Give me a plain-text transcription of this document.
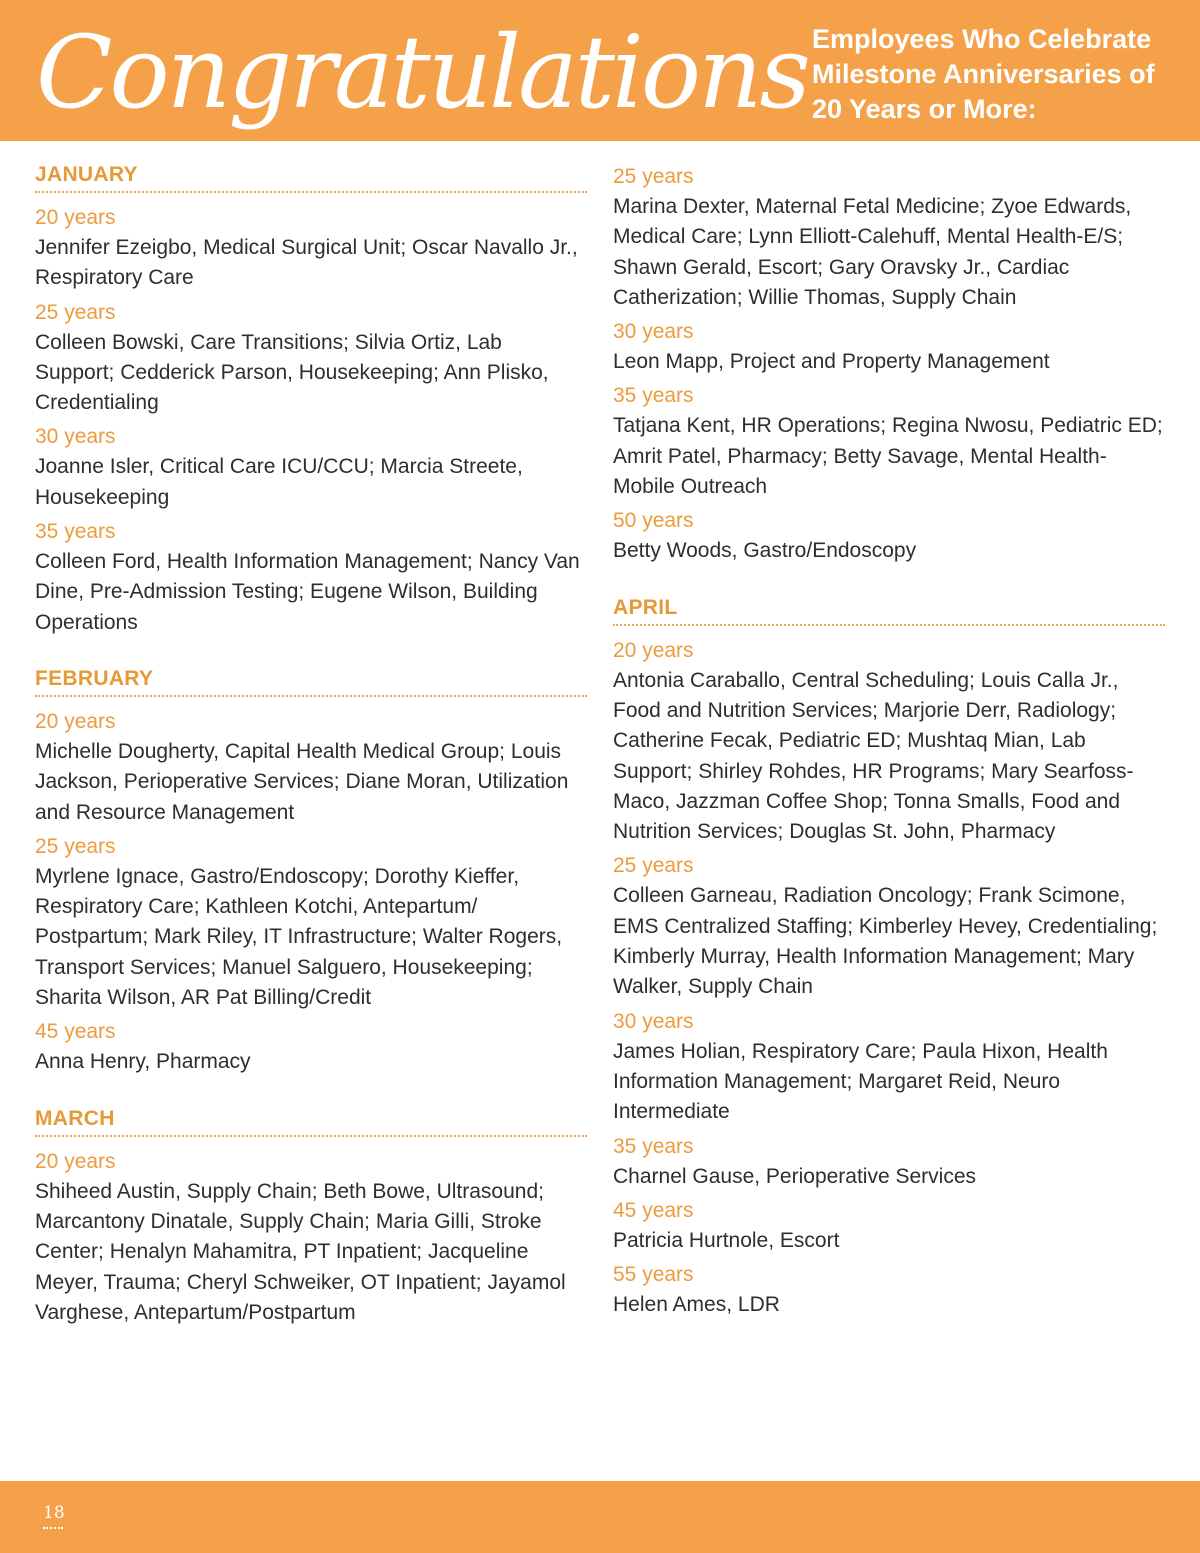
Congratulations Employees Who Celebrate
Milestone Anniversaries of
20 Years or More:
JANUARY
20 years
Jennifer Ezeigbo, Medical Surgical Unit; Oscar Navallo Jr., Respiratory Care
25 years
Colleen Bowski, Care Transitions; Silvia Ortiz, Lab Support; Cedderick Parson, Housekeeping; Ann Plisko, Credentialing
30 years
Joanne Isler, Critical Care ICU/CCU; Marcia Streete, Housekeeping
35 years
Colleen Ford, Health Information Management; Nancy Van Dine, Pre-Admission Testing; Eugene Wilson, Building Operations
FEBRUARY
20 years
Michelle Dougherty, Capital Health Medical Group; Louis Jackson, Perioperative Services; Diane Moran, Utilization and Resource Management
25 years
Myrlene Ignace, Gastro/Endoscopy; Dorothy Kieffer, Respiratory Care; Kathleen Kotchi, Antepartum/ Postpartum; Mark Riley, IT Infrastructure; Walter Rogers, Transport Services; Manuel Salguero, Housekeeping; Sharita Wilson, AR Pat Billing/Credit
45 years
Anna Henry, Pharmacy
MARCH
20 years
Shiheed Austin, Supply Chain; Beth Bowe, Ultrasound; Marcantony Dinatale, Supply Chain; Maria Gilli, Stroke Center; Henalyn Mahamitra, PT Inpatient; Jacqueline Meyer, Trauma; Cheryl Schweiker, OT Inpatient; Jayamol Varghese, Antepartum/Postpartum
25 years
Marina Dexter, Maternal Fetal Medicine; Zyoe Edwards, Medical Care; Lynn Elliott-Calehuff, Mental Health-E/S; Shawn Gerald, Escort; Gary Oravsky Jr., Cardiac Catherization; Willie Thomas, Supply Chain
30 years
Leon Mapp, Project and Property Management
35 years
Tatjana Kent, HR Operations; Regina Nwosu, Pediatric ED; Amrit Patel, Pharmacy; Betty Savage, Mental Health-Mobile Outreach
50 years
Betty Woods, Gastro/Endoscopy
APRIL
20 years
Antonia Caraballo, Central Scheduling; Louis Calla Jr., Food and Nutrition Services; Marjorie Derr, Radiology; Catherine Fecak, Pediatric ED; Mushtaq Mian, Lab Support; Shirley Rohdes, HR Programs; Mary Searfoss-Maco, Jazzman Coffee Shop; Tonna Smalls, Food and Nutrition Services; Douglas St. John, Pharmacy
25 years
Colleen Garneau, Radiation Oncology; Frank Scimone, EMS Centralized Staffing; Kimberley Hevey, Credentialing; Kimberly Murray, Health Information Management; Mary Walker, Supply Chain
30 years
James Holian, Respiratory Care; Paula Hixon, Health Information Management; Margaret Reid, Neuro Intermediate
35 years
Charnel Gause, Perioperative Services
45 years
Patricia Hurtnole, Escort
55 years
Helen Ames, LDR
18
